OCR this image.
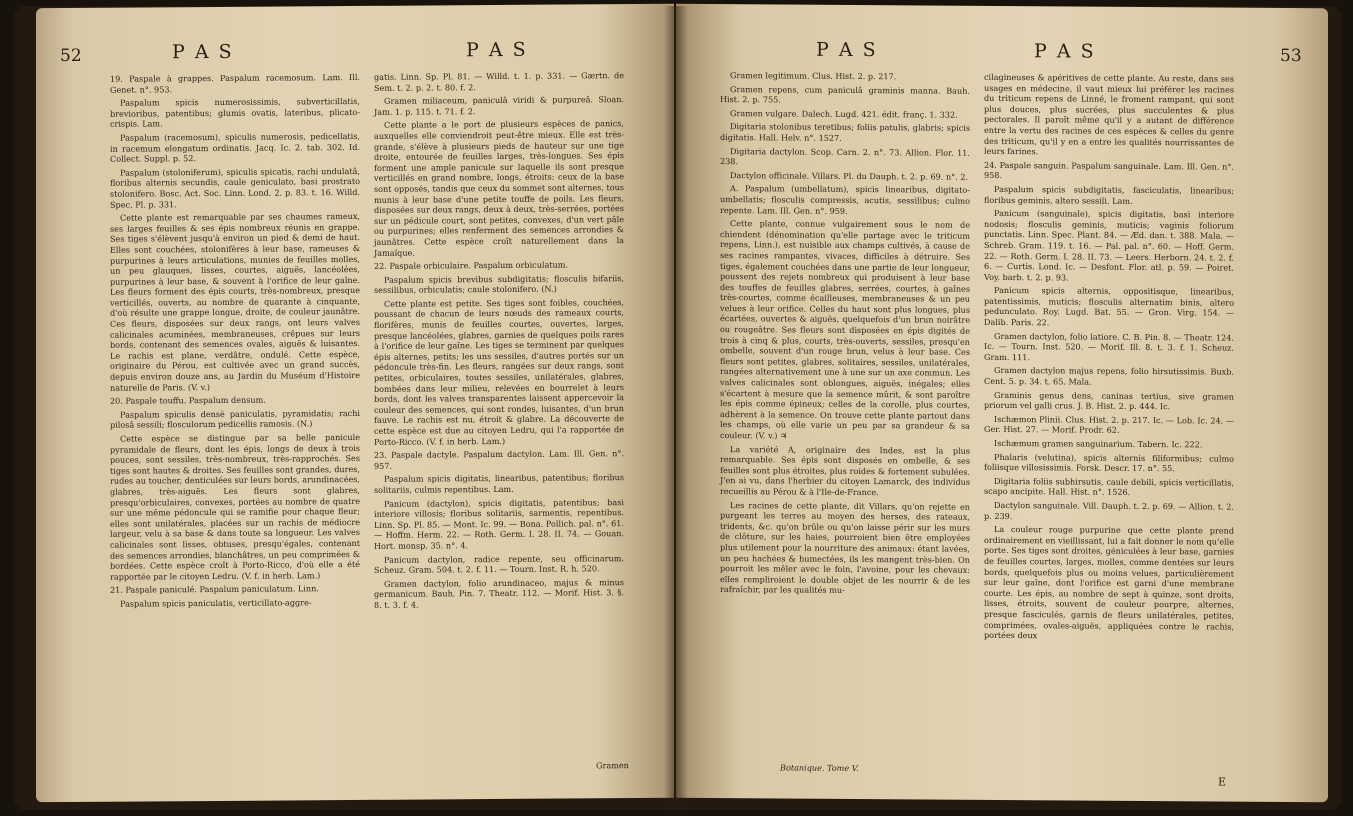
52	P A S	P A S

19. Paspale à grappes. Paspalum racemosum. Lam. Ill. Genet. n°. 953.

Paspalum spicis numerosissimis, subverticillatis, brevioribus, patentibus; glumis ovatis, lateribus, plicato-crispis. Lam.

Paspalum (racemosum), spiculis numerosis, pedicellatis, in racemum elongatum ordinatis. Jacq. Ic. 2. tab. 302. Id. Collect. Suppl. p. 52.

Paspalum (stoloniferum), spiculis spicatis, rachi undulatâ, floribus alternis secundis, caule geniculato, basi prostrato stolonifero. Bosc. Act. Soc. Linn. Lond. 2. p. 83. t. 16. Willd. Spec. Pl. p. 331.

Cette plante est remarquable par ses chaumes rameux, ses larges feuilles & ses épis nombreux réunis en grappe. Ses tiges s'élèvent jusqu'à environ un pied & demi de haut. Elles sont couchées, stolonifères à leur base, rameuses & purpurines à leurs articulations, munies de feuilles molles, un peu glauques, lisses, courtes, aiguës, lancéolées, purpurines à leur base, & souvent à l'orifice de leur gaîne. Les fleurs forment des épis courts, très-nombreux, presque verticillés, ouverts, au nombre de quarante à cinquante, d'où résulte une grappe longue, droite, de couleur jaunâtre. Ces fleurs, disposées sur deux rangs, ont leurs valves calicinales acuminées, membraneuses, crêpues sur leurs bords, contenant des semences ovales, aiguës & luisantes. Le rachis est plane, verdâtre, ondulé. Cette espèce, originaire du Pérou, est cultivée avec un grand succès, depuis environ douze ans, au Jardin du Muséum d'Histoire naturelle de Paris. (V. v.)

20. Paspale touffu. Paspalum densum.

Paspalum spiculis densè paniculatis, pyramidatis; rachi pilosâ sessili; flosculorum pedicellis ramosis. (N.)

Cette espèce se distingue par sa belle panicule pyramidale de fleurs, dont les épis, longs de deux à trois pouces, sont sessiles, très-nombreux, très-rapprochés. Ses tiges sont hautes & droites. Ses feuilles sont grandes, dures, rudes au toucher, denticulées sur leurs bords, arundinacées, glabres, très-aiguës. Les fleurs sont glabres, presqu'orbiculaires, convexes, portées au nombre de quatre sur une même pédoncule qui se ramifie pour chaque fleur; elles sont unilatérales, placées sur un rachis de médiocre largeur, velu à sa base & dans toute sa longueur. Les valves calicinales sont lisses, obtuses, presqu'égales, contenant des semences arrondies, blanchâtres, un peu comprimées & bordées. Cette espèce croît à Porto-Ricco, d'où elle a été rapportée par le citoyen Ledru. (V. f. in herb. Lam.)

21. Paspale paniculé. Paspalum paniculatum. Linn.

Paspalum spicis paniculatis, verticillato-aggre-

gatis. Linn. Sp. Pl. 81. — Willd. t. 1. p. 331. — Gærtn. de Sem. t. 2. p. 2. t. 80. f. 2.

Gramen miliaceum, paniculâ viridi & purpureâ. Sloan. Jam. 1. p. 115. t. 71. f. 2.

Cette plante a le port de plusieurs espèces de panics, auxquelles elle conviendroit peut-être mieux. Elle est très-grande, s'élève à plusieurs pieds de hauteur sur une tige droite, entourée de feuilles larges, très-longues. Ses épis forment une ample panicule sur laquelle ils sont presque verticillés en grand nombre, longs, étroits: ceux de la base sont opposés, tandis que ceux du sommet sont alternes, tous munis à leur base d'une petite touffe de poils. Les fleurs, disposées sur deux rangs, deux à deux, très-serrées, portées sur un pédicule court, sont petites, convexes, d'un vert pâle ou purpurines; elles renferment des semences arrondies & jaunâtres. Cette espèce croît naturellement dans la Jamaïque.

22. Paspale orbiculaire. Paspalum orbiculatum.

Paspalum spicis brevibus subdigitatis; flosculis bifariis, sessilibus, orbiculatis; caule stolonifero. (N.)

Cette plante est petite. Ses tiges sont foibles, couchées, poussant de chacun de leurs nœuds des rameaux courts, florifères, munis de feuilles courtes, ouvertes, larges, presque lancéolées, glabres, garnies de quelques poils rares à l'orifice de leur gaîne. Les tiges se terminent par quelques épis alternes, petits; les uns sessiles, d'autres portés sur un pédoncule très-fin. Les fleurs, rangées sur deux rangs, sont petites, orbiculaires, toutes sessiles, unilatérales, glabres, bombées dans leur milieu, relevées en bourrelet à leurs bords, dont les valves transparentes laissent appercevoir la couleur des semences, qui sont rondes, luisantes, d'un brun fauve. Le rachis est nu, étroit & glabre. La découverte de cette espèce est due au citoyen Ledru, qui l'a rapportée de Porto-Ricco. (V. f. in herb. Lam.)

23. Paspale dactyle. Paspalum dactylon. Lam. Ill. Gen. n°. 957.

Paspalum spicis digitatis, linearibus, patentibus; floribus solitariis, culmis repentibus. Lam.

Panicum (dactylon), spicis digitatis, patentibus; basi interiore villosis; floribus solitariis, sarmentis, repentibus. Linn. Sp. Pl. 85. — Mont. Ic. 99. — Bona. Pollich. pal. n°. 61. — Hoffm. Herm. 22. — Roth. Germ. I. 28. II. 74. — Gouan. Hort. monsp. 35. n°. 4.

Panicum dactylon, radice repente, seu officinarum. Scheuz. Gram. 504. t. 2. f. 11. — Tourn. Inst. R. h. 520.

Gramen dactylon, folio arundinaceo, majus & minus germanicum. Bauh. Pin. 7. Theatr. 112. — Morif. Hist. 3. §. 8. t. 3. f. 4.

Gramen
P A S	P A S	53

Gramen legitimum. Clus. Hist. 2. p. 217.

Gramen repens, cum paniculâ graminis manna. Bauh. Hist. 2. p. 755.

Gramen vulgare. Dalech. Lugd. 421. édit. franç. 1. 332.

Digitaria stolonibus teretibus; foliis patulis, glabris; spicis digitatis. Hall. Helv. n°. 1527.

Digitaria dactylon. Scop. Carn. 2. n°. 73. Allion. Flor. 11. 238.

Dactylon officinale. Villars. Pl. du Dauph. t. 2. p. 69. n°. 2.

A. Paspalum (umbellatum), spicis linearibus, digitato-umbellatis; flosculis compressis, acutis, sessilibus; culmo repente. Lam. Ill. Gen. n°. 959.

Cette plante, connue vulgairement sous le nom de chiendent (dénomination qu'elle partage avec le triticum repens, Linn.), est nuisible aux champs cultivés, à cause de ses racines rampantes, vivaces, difficiles à détruire. Ses tiges, également couchées dans une partie de leur longueur, poussent des rejets nombreux qui produisent à leur base des touffes de feuilles glabres, serrées, courtes, à gaînes très-courtes, comme écailleuses, membraneuses & un peu velues à leur orifice. Celles du haut sont plus longues, plus écartées, ouvertes & aiguës, quelquefois d'un brun noirâtre ou rougeâtre. Ses fleurs sont disposées en épis digités de trois à cinq & plus, courts, très-ouverts, sessiles, presqu'en ombelle, souvent d'un rouge brun, velus à leur base. Ces fleurs sont petites, glabres, solitaires, sessiles, unilatérales, rangées alternativement une à une sur un axe commun. Les valves calicinales sont oblongues, aiguës, inégales; elles s'écartent à mesure que la semence mûrit, & sont paroître les épis comme épineux; celles de la corolle, plus courtes, adhèrent à la semence. On trouve cette plante partout dans les champs, où elle varie un peu par sa grandeur & sa couleur. (V. v.) ♃

La variété A, originaire des Indes, est la plus remarquable. Ses épis sont disposés en ombelle, & ses feuilles sont plus étroites, plus roides & fortement subulées. J'en ai vu, dans l'herbier du citoyen Lamarck, des individus recueillis au Pérou & à l'Ile-de-France.

Les racines de cette plante, dit Villars, qu'on rejette en purgeant les terres au moyen des herses, des rateaux, tridents, &c. qu'on brûle ou qu'on laisse périr sur les murs de clôture, sur les haies, pourroient bien être employées plus utilement pour la nourriture des animaux: étant lavées, un peu hachées & humectées, ils les mangent très-bien. On pourroit les mêler avec le foin, l'avoine, pour les chevaux: elles rempliroient le double objet de les nourrir & de les rafraîchir, par les qualités mu-

Botanique. Tome V.

cilagineuses & apéritives de cette plante. Au reste, dans ses usages en médecine, il vaut mieux lui préférer les racines du triticum repens de Linné, le froment rampant, qui sont plus douces, plus sucrées, plus succulentes & plus pectorales. Il paroît même qu'il y a autant de différence entre la vertu des racines de ces espèces & celles du genre des triticum, qu'il y en a entre les qualités nourrissantes de leurs farines.

24. Paspale sanguin. Paspalum sanguinale. Lam. Ill. Gen. n°. 958.

Paspalum spicis subdigitatis, fasciculatis, linearibus; floribus geminis, altero sessili. Lam.

Panicum (sanguinale), spicis digitatis, basi interiore nodosis; flosculis geminis, muticis; vaginis foliorum punctatis. Linn. Spec. Plant. 84. — Æd. dan. t. 388. Mala. — Schreb. Gram. 119. t. 16. — Pal. pal. n°. 60. — Hoff. Germ. 22. — Roth. Germ. I. 28. II. 73. — Leers. Herborn. 24. t. 2. f. 6. — Curtis. Lond. Ic. — Desfont. Flor. atl. p. 59. — Poiret. Voy. barb. t. 2. p. 93.

Panicum spicis alternis, oppositisque, linearibus, patentissimis, muticis; flosculis alternatim binis, altero pedunculato. Roy. Lugd. Bat. 55. — Gron. Virg. 154. — Dalib. Paris. 22.

Gramen dactylon, folio latiore. C. B. Pin. 8. — Theatr. 124. Ic. — Tourn. Inst. 520. — Morif. Ill. 8. t. 3. f. 1. Scheuz. Gram. 111.

Gramen dactylon majus repens, folio hirsutissimis. Buxb. Cent. 5. p. 34. t. 65. Mala.

Graminis genus dens, caninas tertius, sive gramen priorum vel galli crus. J. B. Hist. 2. p. 444. Ic.

Ischæmon Plinii. Clus. Hist. 2. p. 217. Ic. — Lob. Ic. 24. — Ger. Hist. 27. — Morif. Prodr. 62.

Ischæmum gramen sanguinarium. Tabern. Ic. 222.

Phalaris (velutina), spicis alternis filiformibus; culmo foliisque villosissimis. Forsk. Descr. 17. n°. 55.

Digitaria foliis subhirsutis, caule debili, spicis verticillatis, scapo ancipite. Hall. Hist. n°. 1526.

Dactylon sanguinale. Vill. Dauph. t. 2. p. 69. — Allion. t. 2. p. 239.

La couleur rouge purpurine que cette plante prend ordinairement en vieillissant, lui a fait donner le nom qu'elle porte. Ses tiges sont droites, géniculées à leur base, garnies de feuilles courtes, larges, molles, comme dentées sur leurs bords, quelquefois plus ou moins velues, particulièrement sur leur gaîne, dont l'orifice est garni d'une membrane courte. Les épis, au nombre de sept à quinze, sont droits, lisses, étroits, souvent de couleur pourpre, alternes, presque fasciculés, garnis de fleurs unilatérales, petites, comprimées, ovales-aiguës, appliquées contre le rachis, portées deux

E
